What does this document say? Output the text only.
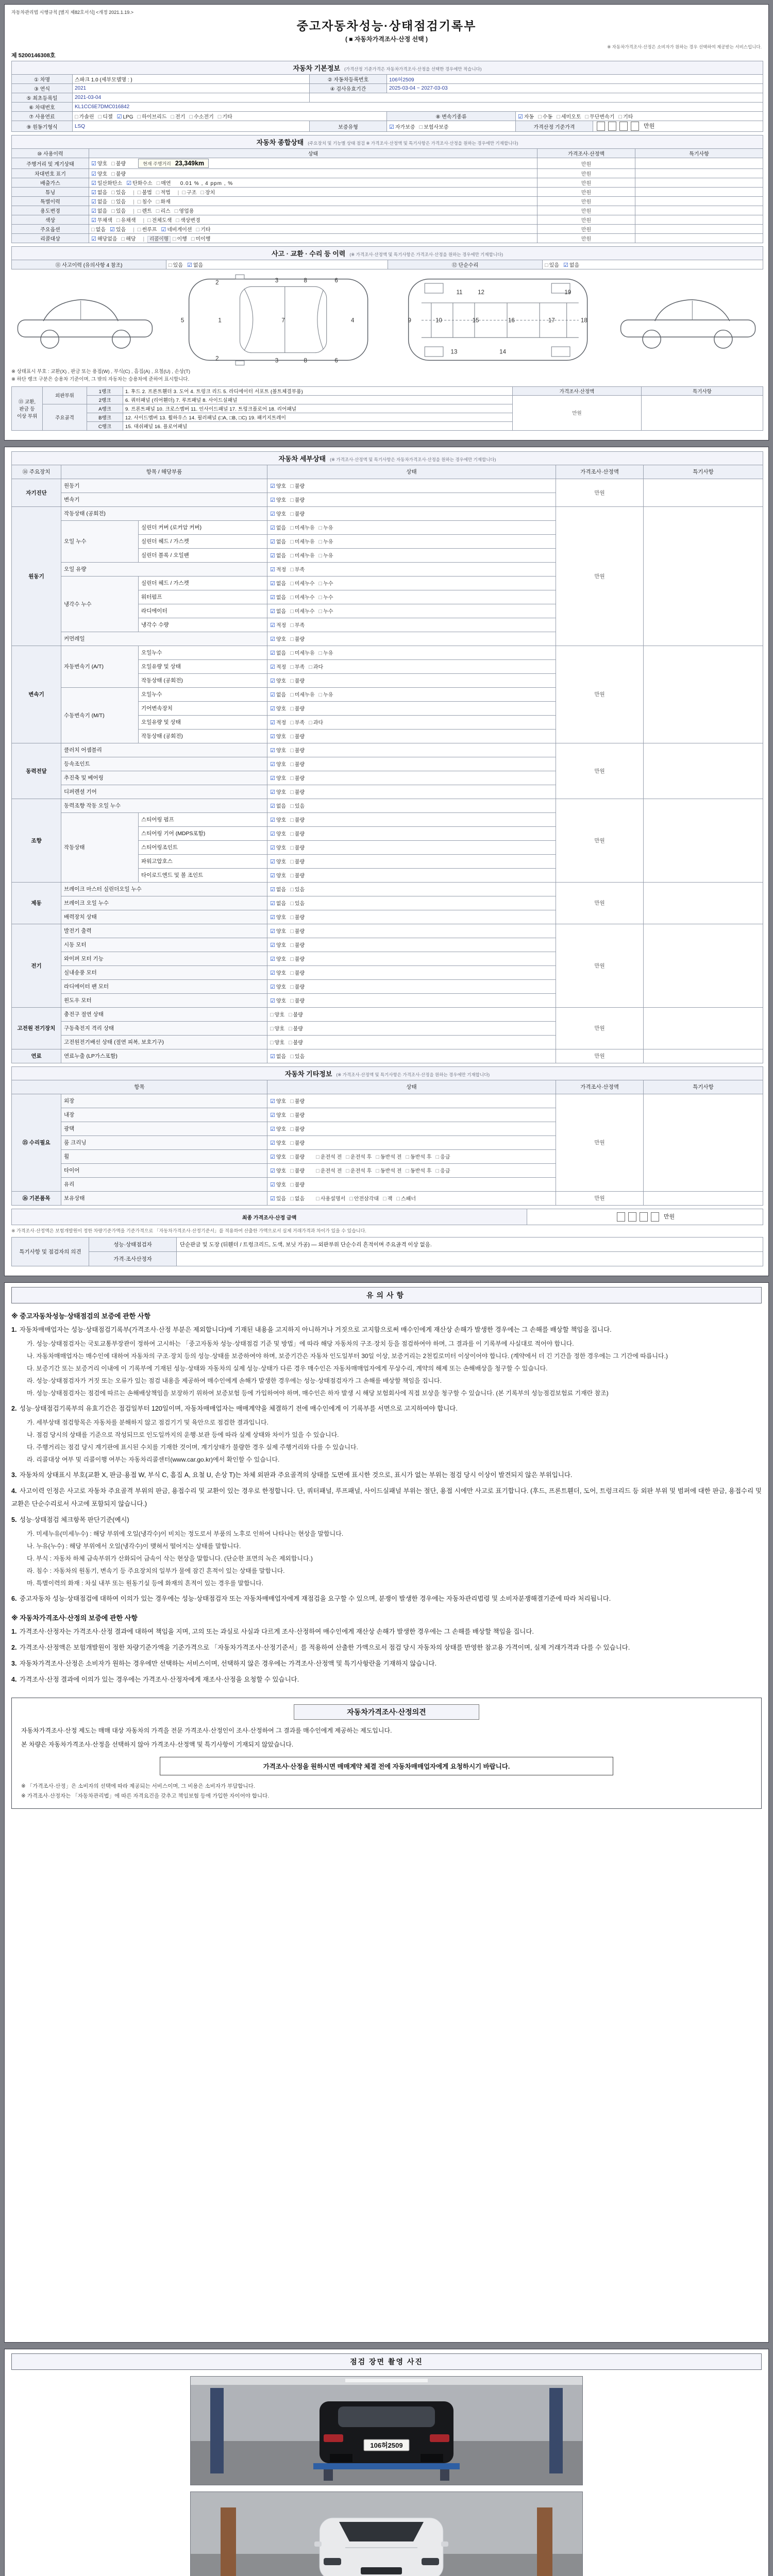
자동차관리법 시행규칙 [별지 제82호서식] <개정 2021.1.19.>
중고자동차성능·상태점검기록부
( ■ 자동차가격조사·산정 선택 )
※ 자동차가격조사·산정은 소비자가 원하는 경우 선택하여 제공받는 서비스입니다.
제 5200146308호
자동차 기본정보 (가격산정 기준가격은 자동차가격조사·산정을 선택한 경우에만 적습니다)					
① 차명	스파크 1.0 (세부모델명 : )	② 자동차등록번호	106허2509		
③ 연식	2021	④ 검사유효기간	2025-03-04 ~ 2027-03-03		
⑤ 최초등록일	2021-03-04				
⑥ 차대번호	KL1CC6E7DMC016842				
⑦ 사용연료	□ 가솔린 □ 디젤 ☑ LPG □ 하이브리드 □ 전기 □ 수소전기 □ 기타		⑧ 변속기종류	☑ 자동 □ 수동 □ 세미오토 □ 무단변속기 □ 기타	
⑨ 원동기형식	LSQ	보증유형	☑ 자가보증 □ 보험사보증	가격산정 기준가격	만원
자동차 종합상태 (주요장치 및 기능별 상태 점검 ※ 가격조사·산정액 및 특기사항은 가격조사·산정을 원하는 경우에만 기재합니다)			
⑩ 사용이력	상태	가격조사·산정액	특기사항
주행거리 및 계기상태	☑ 양호 □ 불량 현재 주행거리 23,349km	만원	
차대번호 표기	☑ 양호 □ 불량	만원	
배출가스	☑ 일산화탄소 ☑ 탄화수소 □ 매연 0.01 % , 4 ppm , %	만원	
튜닝	☑ 없음 □ 있음 | □ 불법 □ 적법 | □ 구조 □ 장치	만원	
특별이력	☑ 없음 □ 있음 | □ 침수 □ 화재	만원	
용도변경	☑ 없음 □ 있음 | □ 렌트 □ 리스 □ 영업용	만원	
색상	☑ 무채색 □ 유채색 | □ 전체도색 □ 색상변경	만원	
주요옵션	□ 없음 ☑ 있음 | □ 썬루프 ☑ 네비게이션 □ 기타	만원	
리콜대상	☑ 해당없음 □ 해당 | 리콜이행 □ 이행 □ 미이행	만원	
사고 · 교환 · 수리 등 이력 (※ 가격조사·산정액 및 특기사항은 가격조사·산정을 원하는 경우에만 기재합니다)
⑪ 사고이력 (유의사항 4 참조)	□ 있음 ☑ 없음	⑫ 단순수리	□ 있음 ☑ 없음
1
2
2
3
3
4
5
6
6
7
8
8
9	10
11	12
13	14
15	16	17	18
19
※ 상태표시 부호 : 교환(X) , 판금 또는 용접(W) , 부식(C) , 흠집(A) , 요철(U) , 손상(T)
※ 하단 랭크 구분은 승용차 기준이며, 그 밖의 자동차는 승용차에 준하여 표시합니다.
⑬ 교환, 판금 등 이상 부위	외판부위	1랭크	1. 후드 2. 프론트휀더 3. 도어 4. 트렁크 리드 5. 라디에이터 서포트 (볼트체결부품)	가격조사·산정액	특기사항
		2랭크	6. 쿼터패널 (리어휀더) 7. 루프패널 8. 사이드실패널	만원	
	주요골격	A랭크	9. 프론트패널 10. 크로스멤버 11. 인사이드패널 17. 트렁크플로어 18. 리어패널		
		B랭크	12. 사이드멤버 13. 휠하우스 14. 필러패널 (□A, □B, □C) 19. 패키지트레이		
		C랭크	15. 대쉬패널 16. 플로어패널		
자동차 세부상태 (※ 가격조사·산정액 및 특기사항은 자동차가격조사·산정을 원하는 경우에만 기재합니다)					
⑭ 주요장치	항목 / 해당부품		상태	가격조사·산정액	특기사항
자기진단	원동기		☑ 양호 □ 불량	만원	
	변속기		☑ 양호 □ 불량		
원동기	작동상태 (공회전)		☑ 양호 □ 불량	만원	
	오일 누수	실린더 커버 (로커암 커버)	☑ 없음 □ 미세누유 □ 누유		
		실린더 헤드 / 가스켓	☑ 없음 □ 미세누유 □ 누유		
		실린더 블록 / 오일팬	☑ 없음 □ 미세누유 □ 누유		
	오일 유량		☑ 적정 □ 부족		
	냉각수 누수	실린더 헤드 / 가스켓	☑ 없음 □ 미세누수 □ 누수		
		워터펌프	☑ 없음 □ 미세누수 □ 누수		
		라디에이터	☑ 없음 □ 미세누수 □ 누수		
		냉각수 수량	☑ 적정 □ 부족		
	커먼레일		☑ 양호 □ 불량		
변속기	자동변속기 (A/T)	오일누수	☑ 없음 □ 미세누유 □ 누유	만원	
		오일유량 및 상태	☑ 적정 □ 부족 □ 과다		
		작동상태 (공회전)	☑ 양호 □ 불량		
	수동변속기 (M/T)	오일누수	☑ 없음 □ 미세누유 □ 누유		
		기어변속장치	☑ 양호 □ 불량		
		오일유량 및 상태	☑ 적정 □ 부족 □ 과다		
		작동상태 (공회전)	☑ 양호 □ 불량		
동력전달	클러치 어셈블리		☑ 양호 □ 불량	만원	
	등속조인트		☑ 양호 □ 불량		
	추진축 및 베어링		☑ 양호 □ 불량		
	디퍼렌셜 기어		☑ 양호 □ 불량		
조향	동력조향 작동 오일 누수		☑ 없음 □ 있음	만원	
	작동상태	스티어링 펌프	☑ 양호 □ 불량		
		스티어링 기어 (MDPS포함)	☑ 양호 □ 불량		
		스티어링조인트	☑ 양호 □ 불량		
		파워고압호스	☑ 양호 □ 불량		
		타이로드엔드 및 볼 조인트	☑ 양호 □ 불량		
제동	브레이크 마스터 실린더오일 누수		☑ 없음 □ 있음	만원	
	브레이크 오일 누수		☑ 없음 □ 있음		
	배력장치 상태		☑ 양호 □ 불량		
전기	발전기 출력		☑ 양호 □ 불량	만원	
	시동 모터		☑ 양호 □ 불량		
	와이퍼 모터 기능		☑ 양호 □ 불량		
	실내송풍 모터		☑ 양호 □ 불량		
	라디에이터 팬 모터		☑ 양호 □ 불량		
	윈도우 모터		☑ 양호 □ 불량		
고전원 전기장치	충전구 절연 상태		□ 양호 □ 불량	만원	
	구동축전지 격리 상태		□ 양호 □ 불량		
	고전원전기배선 상태 (절연 피복, 보호기구)		□ 양호 □ 불량		
연료	연료누출 (LP가스포함)		☑ 없음 □ 있음	만원	
자동차 기타정보 (※ 가격조사·산정액 및 특기사항은 가격조사·산정을 원하는 경우에만 기재합니다)				
항목		상태	가격조사·산정액	특기사항
⑮ 수리필요	외장	☑ 양호 □ 불량	만원	
	내장	☑ 양호 □ 불량		
	광택	☑ 양호 □ 불량		
	룸 크리닝	☑ 양호 □ 불량		
	휠	☑ 양호 □ 불량 □ 운전석 전 □ 운전석 후 □ 동반석 전 □ 동반석 후 □ 응급		
	타이어	☑ 양호 □ 불량 □ 운전석 전 □ 운전석 후 □ 동반석 전 □ 동반석 후 □ 응급		
	유리	☑ 양호 □ 불량		
⑯ 기본품목	보유상태	☑ 있음 □ 없음 □ 사용설명서 □ 안전삼각대 □ 잭 □ 스패너	만원	
최종 가격조사·산정 금액	만원
※ 가격조사·산정액은 보험개발원이 정한 차량기준가액을 기준가격으로 「자동차가격조사·산정기준서」를 적용하여 산출한 가액으로서 실제 거래가격과 차이가 있을 수 있습니다.
특기사항 및 점검자의 의견	성능·상태점검자	단순판금 및 도장 (뒤휀더 / 트렁크리드, 도색, 보닛 가공) — 외판부위 단순수리 흔적이며 주요골격 이상 없음.
	가격·조사산정자	
유의사항
※ 중고자동차성능·상태점검의 보증에 관한 사항
1. 자동차매매업자는 성능·상태점검기록부(가격조사·산정 부분은 제외합니다)에 기재된 내용을 고지하지 아니하거나 거짓으로 고지함으로써 매수인에게 재산상 손해가 발생한 경우에는 그 손해를 배상할 책임을 집니다.
가. 성능·상태점검자는 국토교통부장관이 정하여 고시하는 「중고자동차 성능·상태점검 기준 및 방법」에 따라 해당 자동차의 구조·장치 등을 점검하여야 하며, 그 결과를 이 기록부에 사실대로 적어야 합니다.
나. 자동차매매업자는 매수인에 대하여 자동차의 구조·장치 등의 성능·상태를 보증하여야 하며, 보증기간은 자동차 인도일부터 30일 이상, 보증거리는 2천킬로미터 이상이어야 합니다. (계약에서 더 긴 기간을 정한 경우에는 그 기간에 따릅니다.)
다. 보증기간 또는 보증거리 이내에 이 기록부에 기재된 성능·상태와 자동차의 실제 성능·상태가 다른 경우 매수인은 자동차매매업자에게 무상수리, 계약의 해제 또는 손해배상을 청구할 수 있습니다.
라. 성능·상태점검자가 거짓 또는 오류가 있는 점검 내용을 제공하여 매수인에게 손해가 발생한 경우에는 성능·상태점검자가 그 손해를 배상할 책임을 집니다.
마. 성능·상태점검자는 점검에 따르는 손해배상책임을 보장하기 위하여 보증보험 등에 가입하여야 하며, 매수인은 하자 발생 시 해당 보험회사에 직접 보상을 청구할 수 있습니다. (본 기록부의 성능점검보험료 기재란 참조)
2. 성능·상태점검기록부의 유효기간은 점검일부터 120일이며, 자동차매매업자는 매매계약을 체결하기 전에 매수인에게 이 기록부를 서면으로 고지하여야 합니다.
가. 세부상태 점검항목은 자동차를 분해하지 않고 점검기기 및 육안으로 점검한 결과입니다.
나. 점검 당시의 상태를 기준으로 작성되므로 인도일까지의 운행·보관 등에 따라 실제 상태와 차이가 있을 수 있습니다.
다. 주행거리는 점검 당시 계기판에 표시된 수치를 기재한 것이며, 계기상태가 불량한 경우 실제 주행거리와 다를 수 있습니다.
라. 리콜대상 여부 및 리콜이행 여부는 자동차리콜센터(www.car.go.kr)에서 확인할 수 있습니다.
3. 자동차의 상태표시 부호(교환 X, 판금·용접 W, 부식 C, 흠집 A, 요철 U, 손상 T)는 차체 외판과 주요골격의 상태를 도면에 표시한 것으로, 표시가 없는 부위는 점검 당시 이상이 발견되지 않은 부위입니다.
4. 사고이력 인정은 사고로 자동차 주요골격 부위의 판금, 용접수리 및 교환이 있는 경우로 한정합니다. 단, 쿼터패널, 루프패널, 사이드실패널 부위는 절단, 용접 시에만 사고로 표기합니다. (후드, 프론트휀더, 도어, 트렁크리드 등 외판 부위 및 범퍼에 대한 판금, 용접수리 및 교환은 단순수리로서 사고에 포함되지 않습니다.)
5. 성능·상태점검 체크항목 판단기준(예시)
가. 미세누유(미세누수) : 해당 부위에 오일(냉각수)이 비치는 정도로서 부품의 노후로 인하여 나타나는 현상을 말합니다.
나. 누유(누수) : 해당 부위에서 오일(냉각수)이 맺혀서 떨어지는 상태를 말합니다.
다. 부식 : 자동차 하체 금속부위가 산화되어 금속이 삭는 현상을 말합니다. (단순한 표면의 녹은 제외합니다.)
라. 침수 : 자동차의 원동기, 변속기 등 주요장치의 일부가 물에 잠긴 흔적이 있는 상태를 말합니다.
마. 특별이력의 화재 : 차실 내부 또는 원동기실 등에 화재의 흔적이 있는 경우를 말합니다.
6. 중고자동차 성능·상태점검에 대하여 이의가 있는 경우에는 성능·상태점검자 또는 자동차매매업자에게 재점검을 요구할 수 있으며, 분쟁이 발생한 경우에는 자동차관리법령 및 소비자분쟁해결기준에 따라 처리됩니다.
※ 자동차가격조사·산정의 보증에 관한 사항
1. 가격조사·산정자는 가격조사·산정 결과에 대하여 책임을 지며, 고의 또는 과실로 사실과 다르게 조사·산정하여 매수인에게 재산상 손해가 발생한 경우에는 그 손해를 배상할 책임을 집니다.
2. 가격조사·산정액은 보험개발원이 정한 차량기준가액을 기준가격으로 「자동차가격조사·산정기준서」를 적용하여 산출한 가액으로서 점검 당시 자동차의 상태를 반영한 참고용 가격이며, 실제 거래가격과 다를 수 있습니다.
3. 자동차가격조사·산정은 소비자가 원하는 경우에만 선택하는 서비스이며, 선택하지 않은 경우에는 가격조사·산정액 및 특기사항란을 기재하지 않습니다.
4. 가격조사·산정 결과에 이의가 있는 경우에는 가격조사·산정자에게 재조사·산정을 요청할 수 있습니다.
자동차가격조사·산정의견
자동차가격조사·산정 제도는 매매 대상 자동차의 가격을 전문 가격조사·산정인이 조사·산정하여 그 결과를 매수인에게 제공하는 제도입니다.
본 차량은 자동차가격조사·산정을 선택하지 않아 가격조사·산정액 및 특기사항이 기재되지 않았습니다.
가격조사·산정을 원하시면 매매계약 체결 전에 자동차매매업자에게 요청하시기 바랍니다.
※ 「가격조사·산정」은 소비자의 선택에 따라 제공되는 서비스이며, 그 비용은 소비자가 부담합니다.
※ 가격조사·산정자는 「자동차관리법」에 따른 자격요건을 갖추고 책임보험 등에 가입한 자이어야 합니다.
점검 장면 촬영 사진
106허2509
